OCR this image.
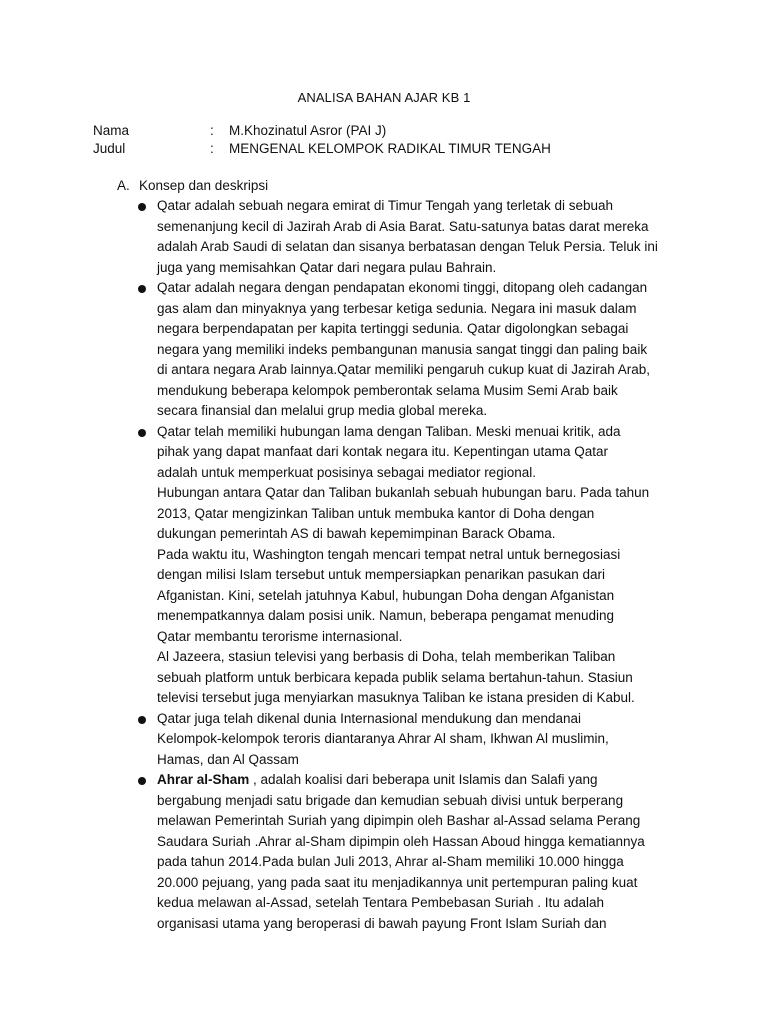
ANALISA BAHAN AJAR KB 1
Nama	: M.Khozinatul Asror (PAI J)
Judul	: MENGENAL KELOMPOK RADIKAL TIMUR TENGAH
A. Konsep dan deskripsi
Qatar adalah sebuah negara emirat di Timur Tengah yang terletak di sebuah
semenanjung kecil di Jazirah Arab di Asia Barat. Satu-satunya batas darat mereka
adalah Arab Saudi di selatan dan sisanya berbatasan dengan Teluk Persia. Teluk ini
juga yang memisahkan Qatar dari negara pulau Bahrain.
Qatar adalah negara dengan pendapatan ekonomi tinggi, ditopang oleh cadangan
gas alam dan minyaknya yang terbesar ketiga sedunia. Negara ini masuk dalam
negara berpendapatan per kapita tertinggi sedunia. Qatar digolongkan sebagai
negara yang memiliki indeks pembangunan manusia sangat tinggi dan paling baik
di antara negara Arab lainnya.Qatar memiliki pengaruh cukup kuat di Jazirah Arab,
mendukung beberapa kelompok pemberontak selama Musim Semi Arab baik
secara finansial dan melalui grup media global mereka.
Qatar telah memiliki hubungan lama dengan Taliban. Meski menuai kritik, ada
pihak yang dapat manfaat dari kontak negara itu. Kepentingan utama Qatar
adalah untuk memperkuat posisinya sebagai mediator regional.
Hubungan antara Qatar dan Taliban bukanlah sebuah hubungan baru. Pada tahun
2013, Qatar mengizinkan Taliban untuk membuka kantor di Doha dengan
dukungan pemerintah AS di bawah kepemimpinan Barack Obama.
Pada waktu itu, Washington tengah mencari tempat netral untuk bernegosiasi
dengan milisi Islam tersebut untuk mempersiapkan penarikan pasukan dari
Afganistan. Kini, setelah jatuhnya Kabul, hubungan Doha dengan Afganistan
menempatkannya dalam posisi unik. Namun, beberapa pengamat menuding
Qatar membantu terorisme internasional.
Al Jazeera, stasiun televisi yang berbasis di Doha, telah memberikan Taliban
sebuah platform untuk berbicara kepada publik selama bertahun-tahun. Stasiun
televisi tersebut juga menyiarkan masuknya Taliban ke istana presiden di Kabul.
Qatar juga telah dikenal dunia Internasional mendukung dan mendanai
Kelompok-kelompok teroris diantaranya Ahrar Al sham, Ikhwan Al muslimin,
Hamas, dan Al Qassam
Ahrar al-Sham , adalah koalisi dari beberapa unit Islamis dan Salafi yang
bergabung menjadi satu brigade dan kemudian sebuah divisi untuk berperang
melawan Pemerintah Suriah yang dipimpin oleh Bashar al-Assad selama Perang
Saudara Suriah .Ahrar al-Sham dipimpin oleh Hassan Aboud hingga kematiannya
pada tahun 2014.Pada bulan Juli 2013, Ahrar al-Sham memiliki 10.000 hingga
20.000 pejuang, yang pada saat itu menjadikannya unit pertempuran paling kuat
kedua melawan al-Assad, setelah Tentara Pembebasan Suriah . Itu adalah
organisasi utama yang beroperasi di bawah payung Front Islam Suriah dan
